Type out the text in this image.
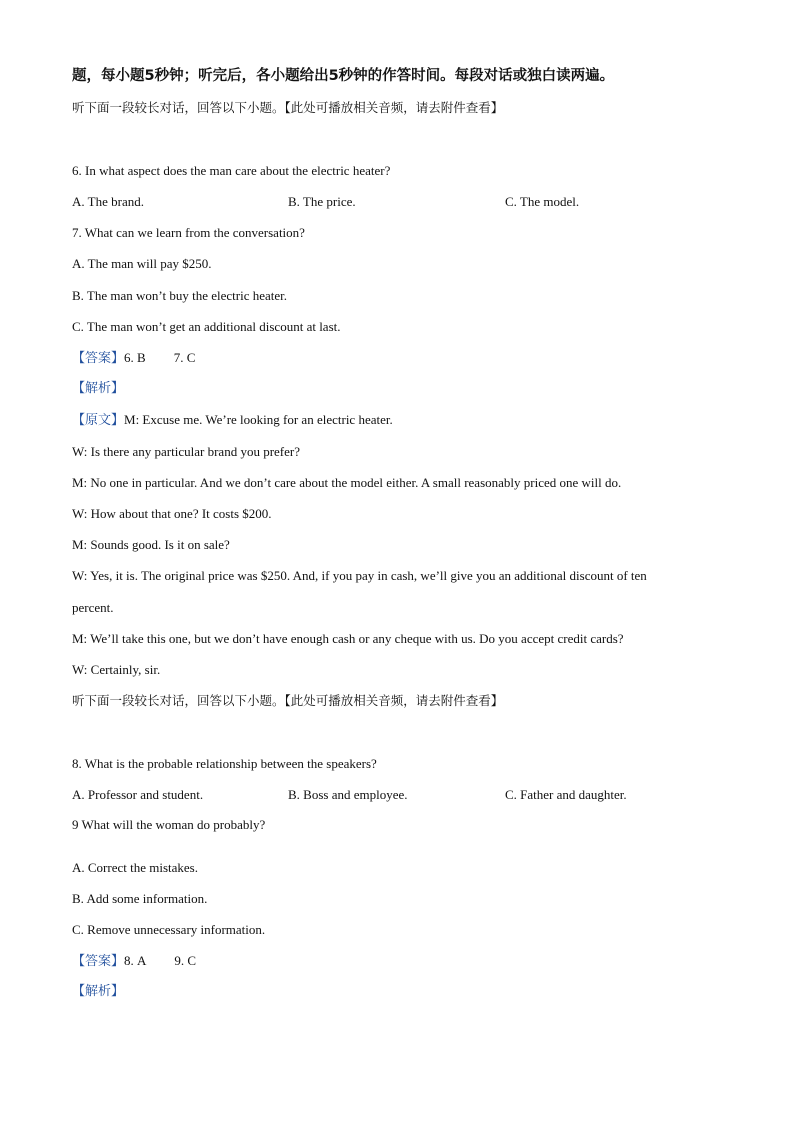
题，每小题5秒钟；听完后，各小题给出5秒钟的作答时间。每段对话或独白读两遍。
听下面一段较长对话，回答以下小题。【此处可播放相关音频，请去附件查看】
6. In what aspect does the man care about the electric heater?
A. The brand.	B. The price.	C. The model.
7. What can we learn from the conversation?
A. The man will pay $250.
B. The man won’t buy the electric heater.
C. The man won’t get an additional discount at last.
【答案】6. B 7. C
【解析】
【原文】M: Excuse me. We’re looking for an electric heater.
W: Is there any particular brand you prefer?
M: No one in particular. And we don’t care about the model either. A small reasonably priced one will do.
W: How about that one? It costs $200.
M: Sounds good. Is it on sale?
W: Yes, it is. The original price was $250. And, if you pay in cash, we’ll give you an additional discount of ten
percent.
M: We’ll take this one, but we don’t have enough cash or any cheque with us. Do you accept credit cards?
W: Certainly, sir.
听下面一段较长对话，回答以下小题。【此处可播放相关音频，请去附件查看】
8. What is the probable relationship between the speakers?
A. Professor and student.	B. Boss and employee.	C. Father and daughter.
9 What will the woman do probably?
A. Correct the mistakes.
B. Add some information.
C. Remove unnecessary information.
【答案】8. A 9. C
【解析】
